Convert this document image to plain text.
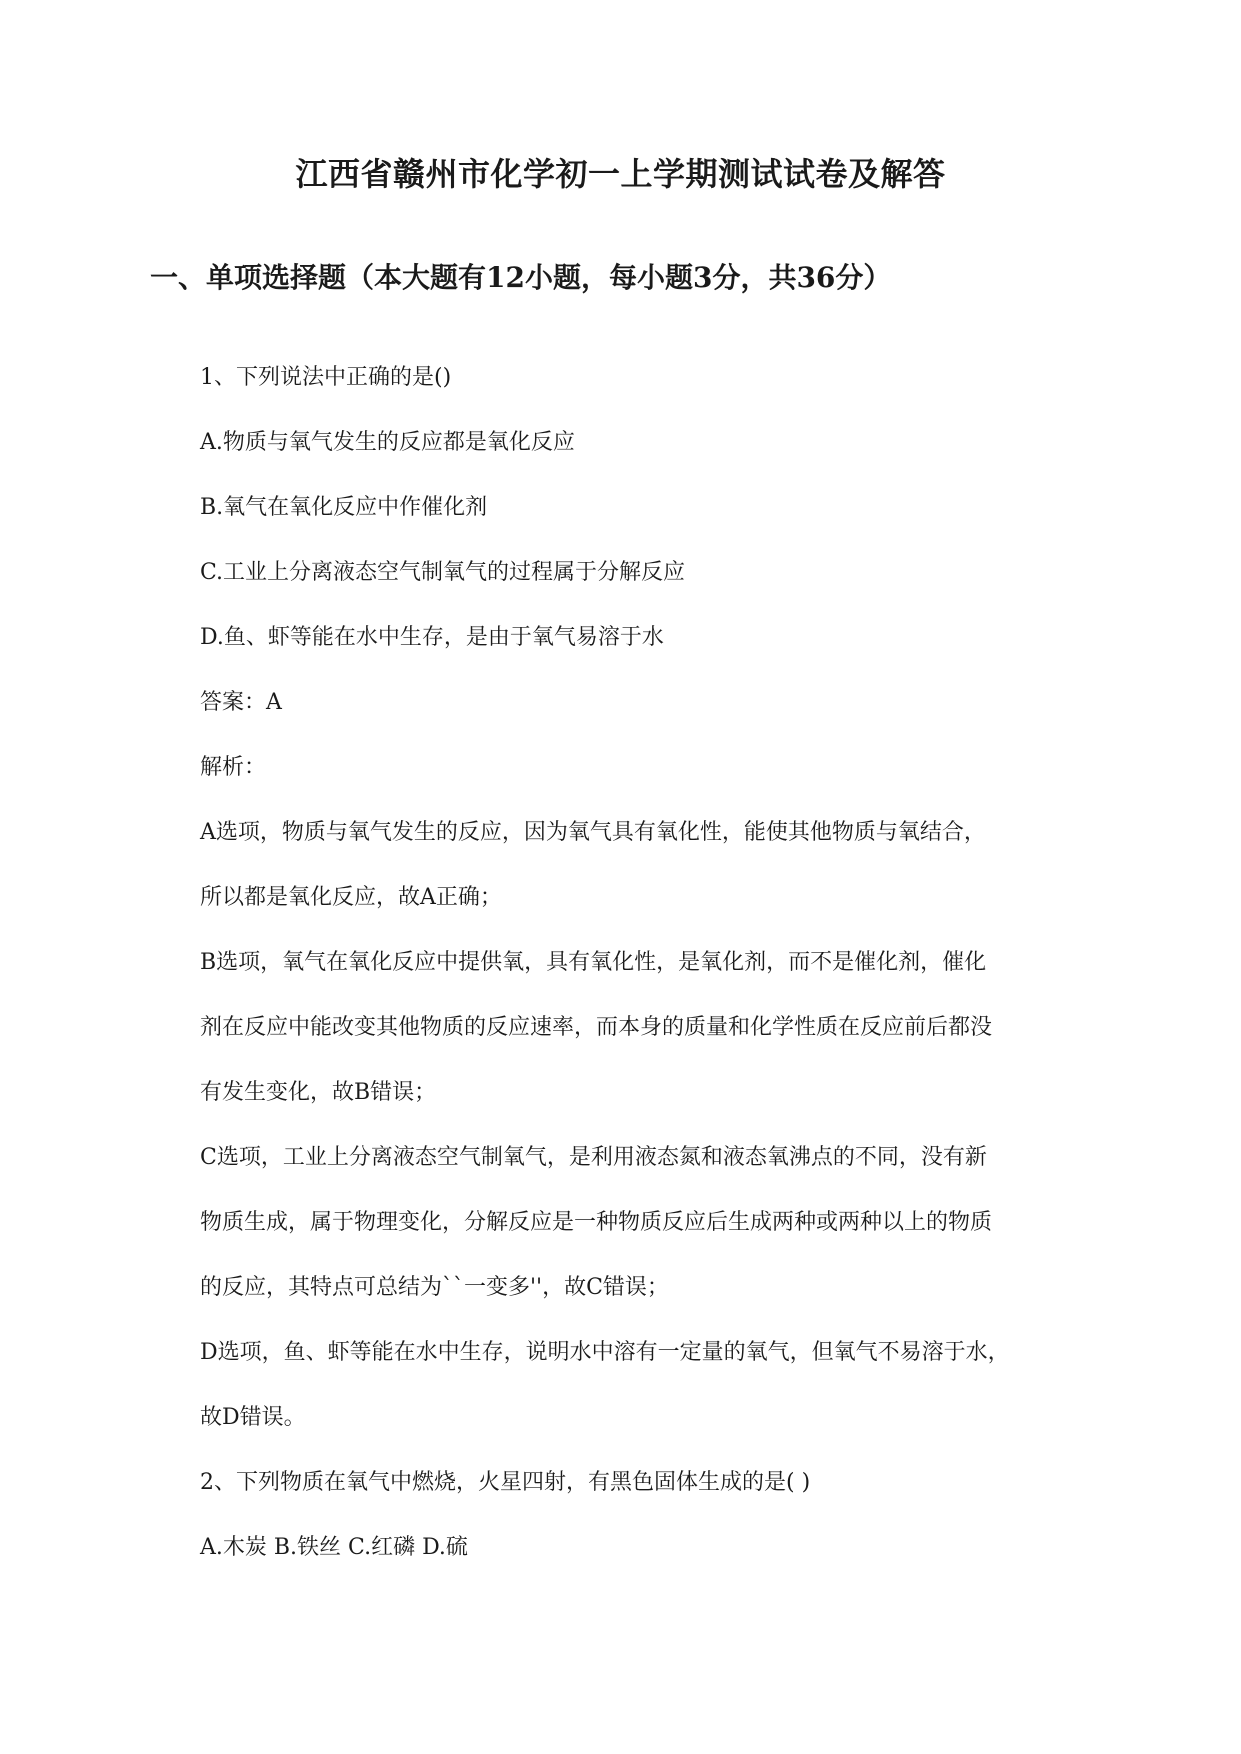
江西省赣州市化学初一上学期测试试卷及解答
一、单项选择题（本大题有12小题，每小题3分，共36分）

1、下列说法中正确的是()

A.物质与氧气发生的反应都是氧化反应

B.氧气在氧化反应中作催化剂

C.工业上分离液态空气制氧气的过程属于分解反应

D.鱼、虾等能在水中生存，是由于氧气易溶于水

答案：A

解析：

A选项，物质与氧气发生的反应，因为氧气具有氧化性，能使其他物质与氧结合，

所以都是氧化反应，故A正确；

B选项，氧气在氧化反应中提供氧，具有氧化性，是氧化剂，而不是催化剂，催化

剂在反应中能改变其他物质的反应速率，而本身的质量和化学性质在反应前后都没

有发生变化，故B错误；

C选项，工业上分离液态空气制氧气，是利用液态氮和液态氧沸点的不同，没有新

物质生成，属于物理变化，分解反应是一种物质反应后生成两种或两种以上的物质

的反应，其特点可总结为``一变多''，故C错误；

D选项，鱼、虾等能在水中生存，说明水中溶有一定量的氧气，但氧气不易溶于水，

故D错误。

2、下列物质在氧气中燃烧，火星四射，有黑色固体生成的是( )

A.木炭 B.铁丝 C.红磷 D.硫
